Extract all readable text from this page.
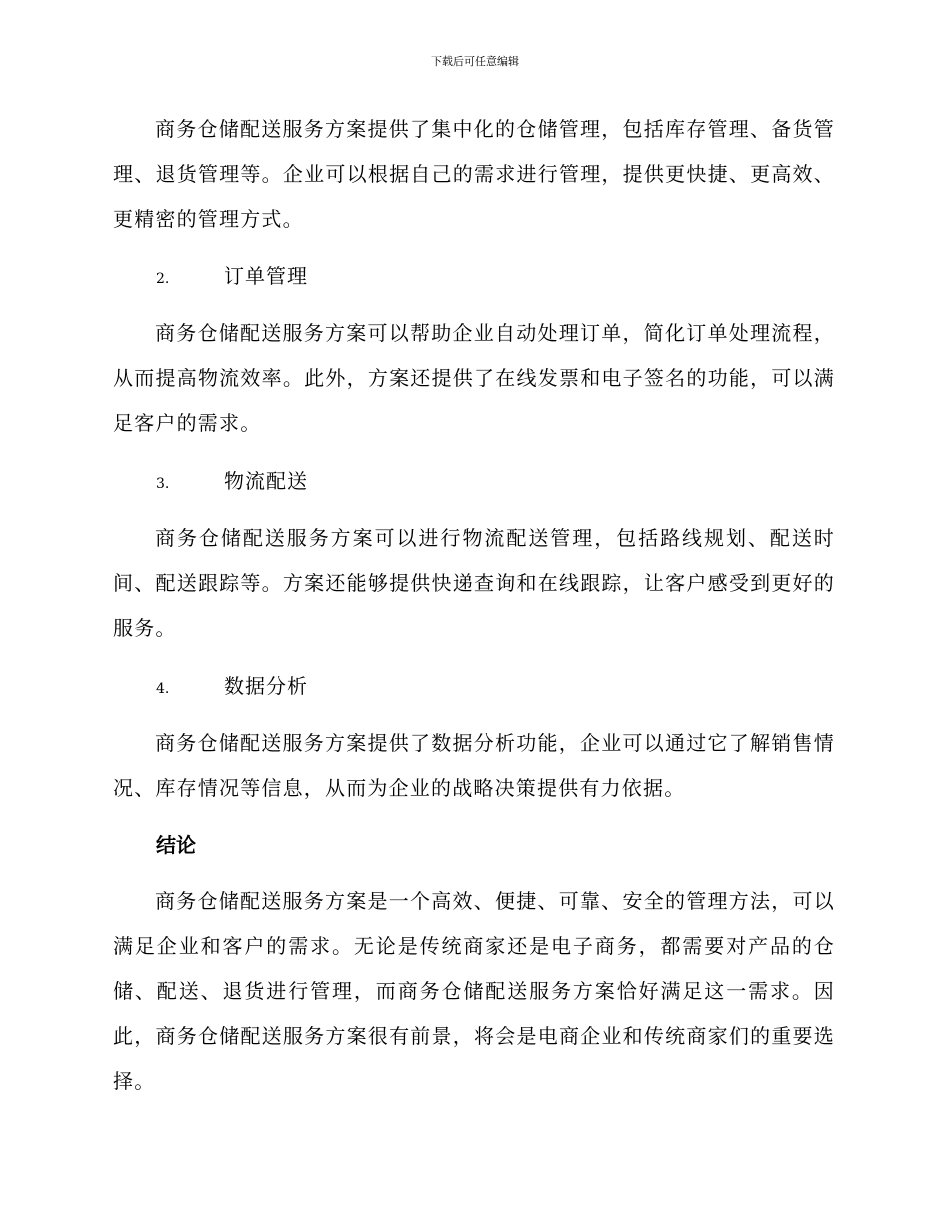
下载后可任意编辑

商务仓储配送服务方案提供了集中化的仓储管理，包括库存管理、备货管理、退货管理等。企业可以根据自己的需求进行管理，提供更快捷、更高效、更精密的管理方式。

2.	订单管理

商务仓储配送服务方案可以帮助企业自动处理订单，简化订单处理流程，从而提高物流效率。此外，方案还提供了在线发票和电子签名的功能，可以满足客户的需求。

3.	物流配送

商务仓储配送服务方案可以进行物流配送管理，包括路线规划、配送时间、配送跟踪等。方案还能够提供快递查询和在线跟踪，让客户感受到更好的服务。

4.	数据分析

商务仓储配送服务方案提供了数据分析功能，企业可以通过它了解销售情况、库存情况等信息，从而为企业的战略决策提供有力依据。

结论

商务仓储配送服务方案是一个高效、便捷、可靠、安全的管理方法，可以满足企业和客户的需求。无论是传统商家还是电子商务，都需要对产品的仓储、配送、退货进行管理，而商务仓储配送服务方案恰好满足这一需求。因此，商务仓储配送服务方案很有前景，将会是电商企业和传统商家们的重要选择。
